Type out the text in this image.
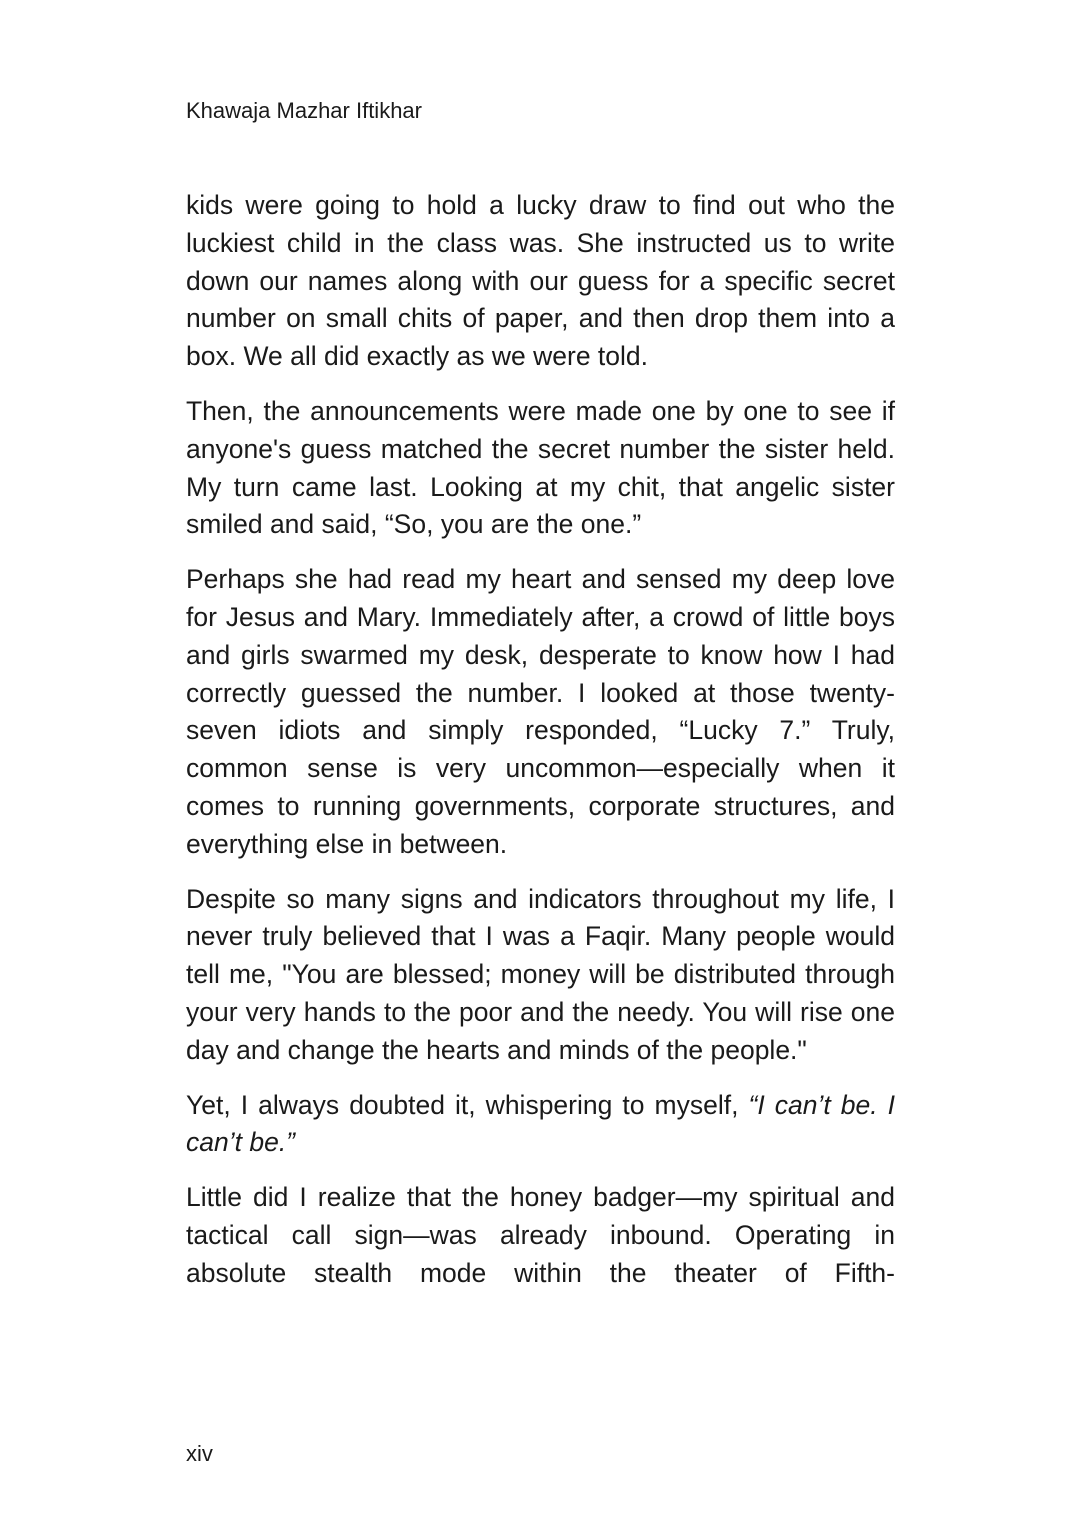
Khawaja Mazhar Iftikhar

kids were going to hold a lucky draw to find out who the luckiest child in the class was. She instructed us to write down our names along with our guess for a specific secret number on small chits of paper, and then drop them into a box. We all did exactly as we were told.

Then, the announcements were made one by one to see if anyone's guess matched the secret number the sister held. My turn came last. Looking at my chit, that angelic sister smiled and said, “So, you are the one.”

Perhaps she had read my heart and sensed my deep love for Jesus and Mary. Immediately after, a crowd of little boys and girls swarmed my desk, desperate to know how I had correctly guessed the number. I looked at those twenty-seven idiots and simply responded, “Lucky 7.” Truly, common sense is very uncommon—especially when it comes to running governments, corporate structures, and everything else in between.

Despite so many signs and indicators throughout my life, I never truly believed that I was a Faqir. Many people would tell me, "You are blessed; money will be distributed through your very hands to the poor and the needy. You will rise one day and change the hearts and minds of the people."

Yet, I always doubted it, whispering to myself, “I can’t be. I can’t be.”

Little did I realize that the honey badger—my spiritual and tactical call sign—was already inbound. Operating in absolute stealth mode within the theater of Fifth-

xiv
